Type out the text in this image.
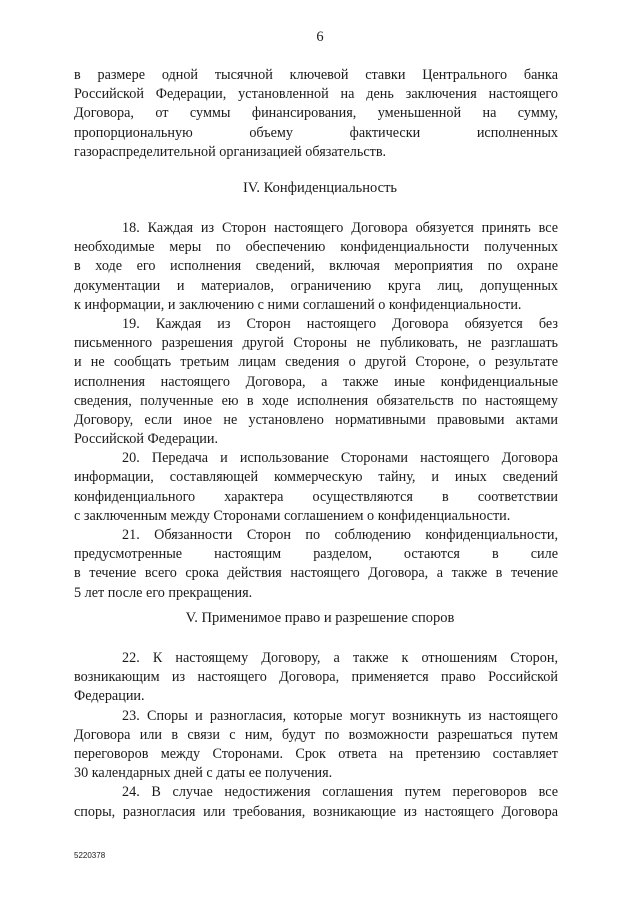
6
в размере одной тысячной ключевой ставки Центрального банка
Российской Федерации, установленной на день заключения настоящего
Договора, от суммы финансирования, уменьшенной на сумму,
пропорциональную объему фактически исполненных
газораспределительной организацией обязательств.
IV. Конфиденциальность
18. Каждая из Сторон настоящего Договора обязуется принять все
необходимые меры по обеспечению конфиденциальности полученных
в ходе его исполнения сведений, включая мероприятия по охране
документации и материалов, ограничению круга лиц, допущенных
к информации, и заключению с ними соглашений о конфиденциальности.
19. Каждая из Сторон настоящего Договора обязуется без
письменного разрешения другой Стороны не публиковать, не разглашать
и не сообщать третьим лицам сведения о другой Стороне, о результате
исполнения настоящего Договора, а также иные конфиденциальные
сведения, полученные ею в ходе исполнения обязательств по настоящему
Договору, если иное не установлено нормативными правовыми актами
Российской Федерации.
20. Передача и использование Сторонами настоящего Договора
информации, составляющей коммерческую тайну, и иных сведений
конфиденциального характера осуществляются в соответствии
с заключенным между Сторонами соглашением о конфиденциальности.
21. Обязанности Сторон по соблюдению конфиденциальности,
предусмотренные настоящим разделом, остаются в силе
в течение всего срока действия настоящего Договора, а также в течение
5 лет после его прекращения.
V. Применимое право и разрешение споров
22. К настоящему Договору, а также к отношениям Сторон,
возникающим из настоящего Договора, применяется право Российской
Федерации.
23. Споры и разногласия, которые могут возникнуть из настоящего
Договора или в связи с ним, будут по возможности разрешаться путем
переговоров между Сторонами. Срок ответа на претензию составляет
30 календарных дней с даты ее получения.
24. В случае недостижения соглашения путем переговоров все
споры, разногласия или требования, возникающие из настоящего Договора
5220378
